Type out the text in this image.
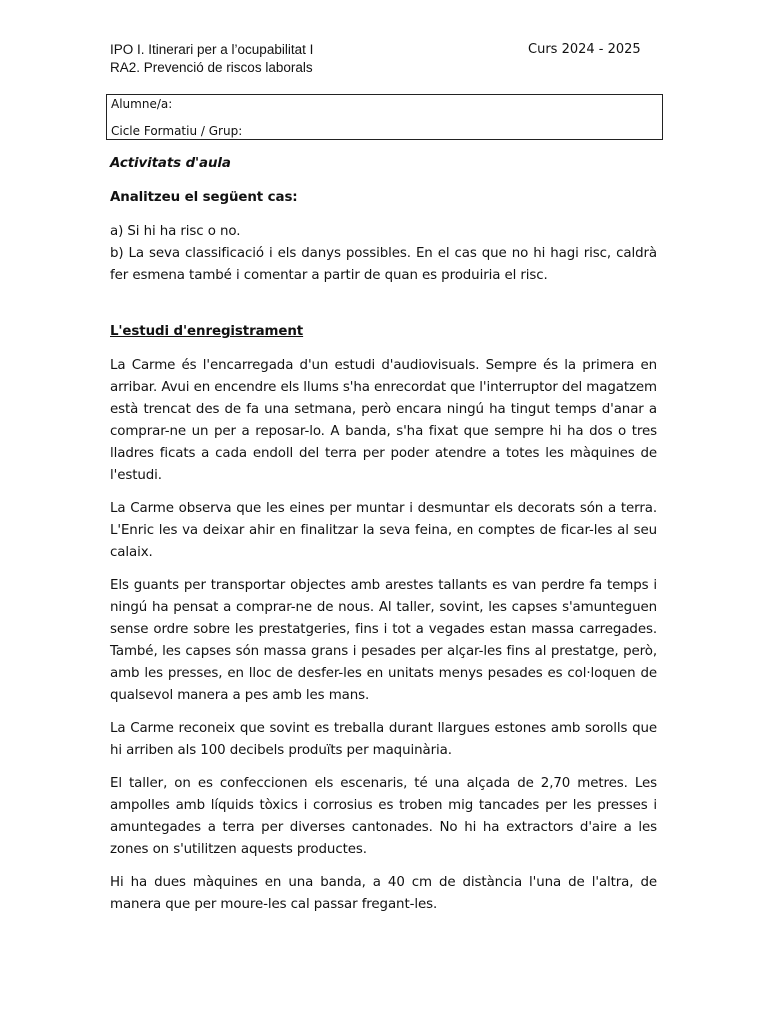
IPO I. Itinerari per a l’ocupabilitat I
RA2. Prevenció de riscos laborals
Curs 2024 - 2025
Alumne/a:
Cicle Formatiu / Grup:

Activitats d'aula

Analitzeu el següent cas:

a) Si hi ha risc o no.

b) La seva classificació i els danys possibles. En el cas que no hi hagi risc, caldrà fer esmena també i comentar a partir de quan es produiria el risc.

L'estudi d'enregistrament

La Carme és l'encarregada d'un estudi d'audiovisuals. Sempre és la primera en arribar. Avui en encendre els llums s'ha enrecordat que l'interruptor del magatzem està trencat des de fa una setmana, però encara ningú ha tingut temps d'anar a comprar-ne un per a reposar-lo. A banda, s'ha fixat que sempre hi ha dos o tres lladres ficats a cada endoll del terra per poder atendre a totes les màquines de l'estudi.

La Carme observa que les eines per muntar i desmuntar els decorats són a terra. L'Enric les va deixar ahir en finalitzar la seva feina, en comptes de ficar-les al seu calaix.

Els guants per transportar objectes amb arestes tallants es van perdre fa temps i ningú ha pensat a comprar-ne de nous. Al taller, sovint, les capses s'amunteguen sense ordre sobre les prestatgeries, fins i tot a vegades estan massa carregades. També, les capses són massa grans i pesades per alçar-les fins al prestatge, però, amb les presses, en lloc de desfer-les en unitats menys pesades es col·loquen de qualsevol manera a pes amb les mans.

La Carme reconeix que sovint es treballa durant llargues estones amb sorolls que hi arriben als 100 decibels produïts per maquinària.

El taller, on es confeccionen els escenaris, té una alçada de 2,70 metres. Les ampolles amb líquids tòxics i corrosius es troben mig tancades per les presses i amuntegades a terra per diverses cantonades. No hi ha extractors d'aire a les zones on s'utilitzen aquests productes.

Hi ha dues màquines en una banda, a 40 cm de distància l'una de l'altra, de manera que per moure-les cal passar fregant-les.
